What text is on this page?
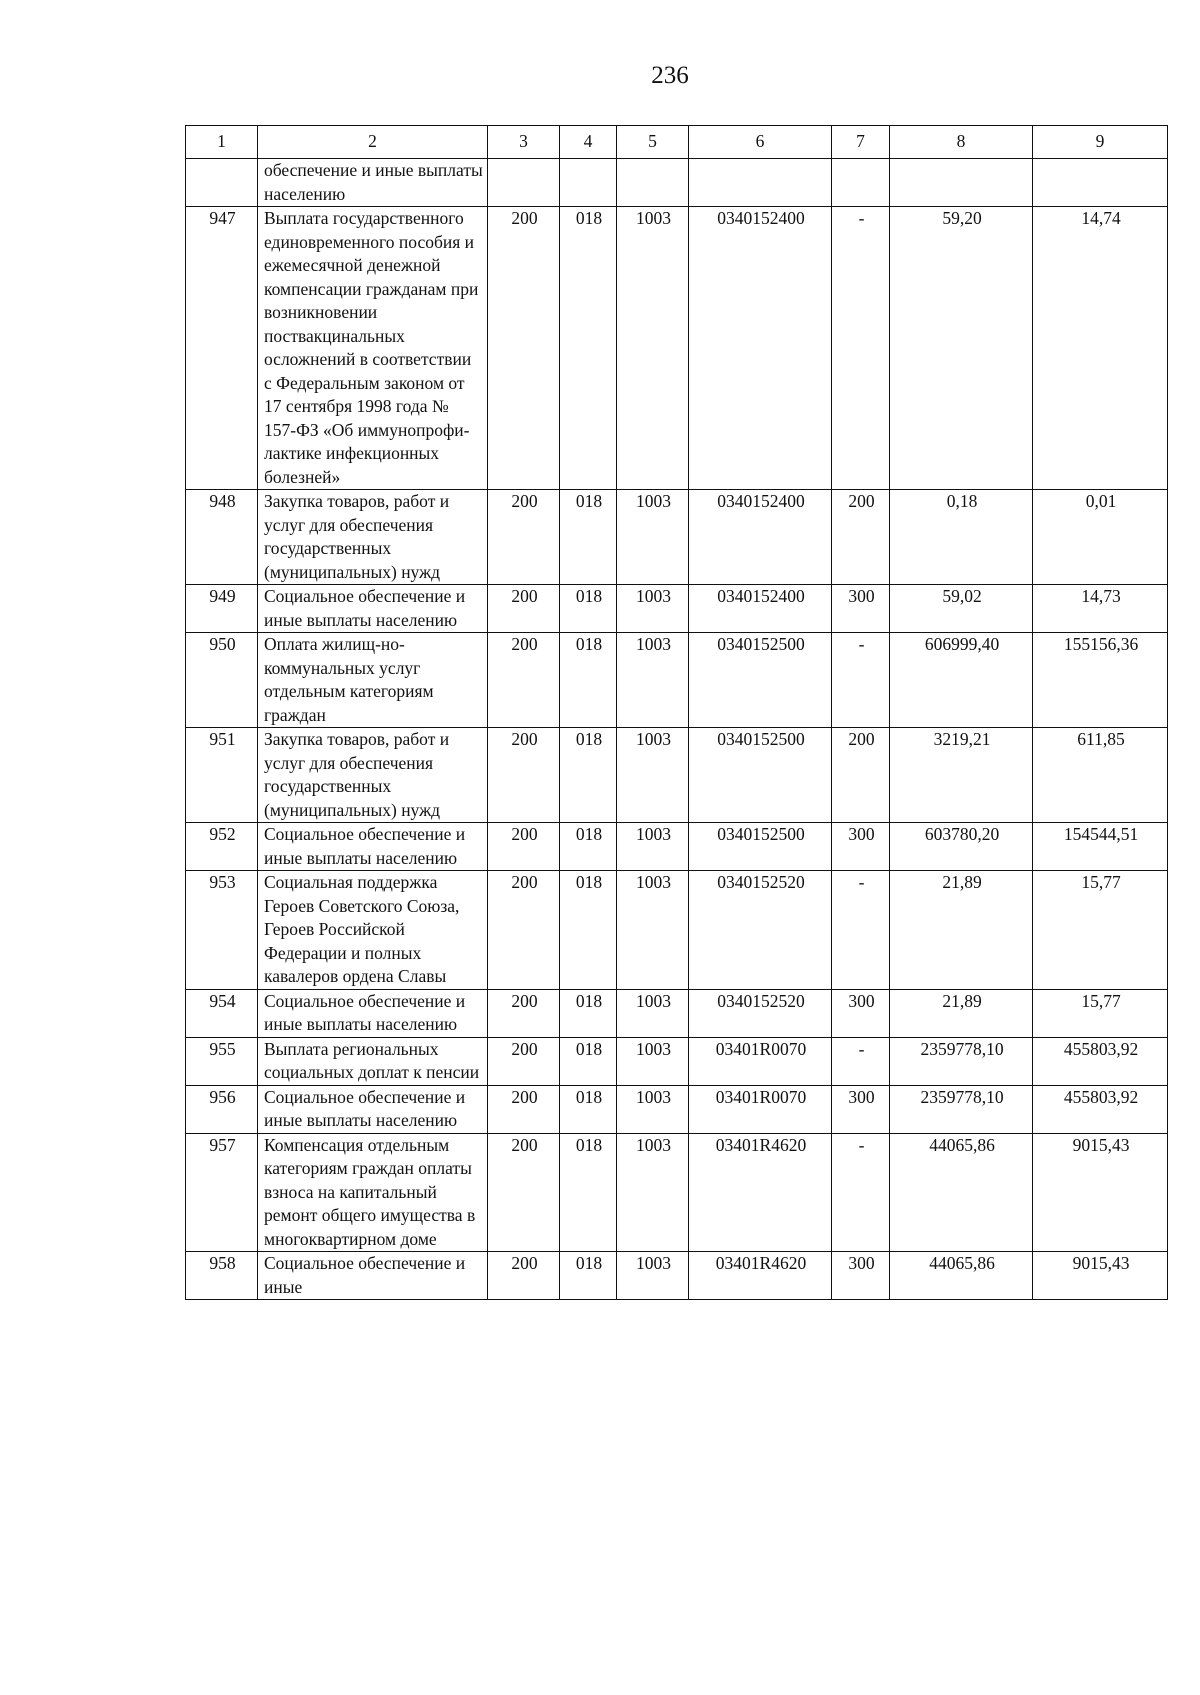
236
1	2	3	4	5	6	7	8	9
	обеспечение и иные выплаты населению							
947	Выплата государственного единовременного пособия и ежемесячной денежной компенсации гражданам при возникновении поствакцинальных осложнений в соответствии с Федеральным законом от 17 сентября 1998 года № 157-ФЗ «Об иммунопрофи-лактике инфекционных болезней»	200	018	1003	0340152400	-	59,20	14,74
948	Закупка товаров, работ и услуг для обеспечения государственных (муниципальных) нужд	200	018	1003	0340152400	200	0,18	0,01
949	Социальное обеспечение и иные выплаты населению	200	018	1003	0340152400	300	59,02	14,73
950	Оплата жилищ-но-коммунальных услуг отдельным категориям граждан	200	018	1003	0340152500	-	606999,40	155156,36
951	Закупка товаров, работ и услуг для обеспечения государственных (муниципальных) нужд	200	018	1003	0340152500	200	3219,21	611,85
952	Социальное обеспечение и иные выплаты населению	200	018	1003	0340152500	300	603780,20	154544,51
953	Социальная поддержка Героев Советского Союза, Героев Российской Федерации и полных кавалеров ордена Славы	200	018	1003	0340152520	-	21,89	15,77
954	Социальное обеспечение и иные выплаты населению	200	018	1003	0340152520	300	21,89	15,77
955	Выплата региональных социальных доплат к пенсии	200	018	1003	03401R0070	-	2359778,10	455803,92
956	Социальное обеспечение и иные выплаты населению	200	018	1003	03401R0070	300	2359778,10	455803,92
957	Компенсация отдельным категориям граждан оплаты взноса на капитальный ремонт общего имущества в многоквартирном доме	200	018	1003	03401R4620	-	44065,86	9015,43
958	Социальное обеспечение и иные	200	018	1003	03401R4620	300	44065,86	9015,43
